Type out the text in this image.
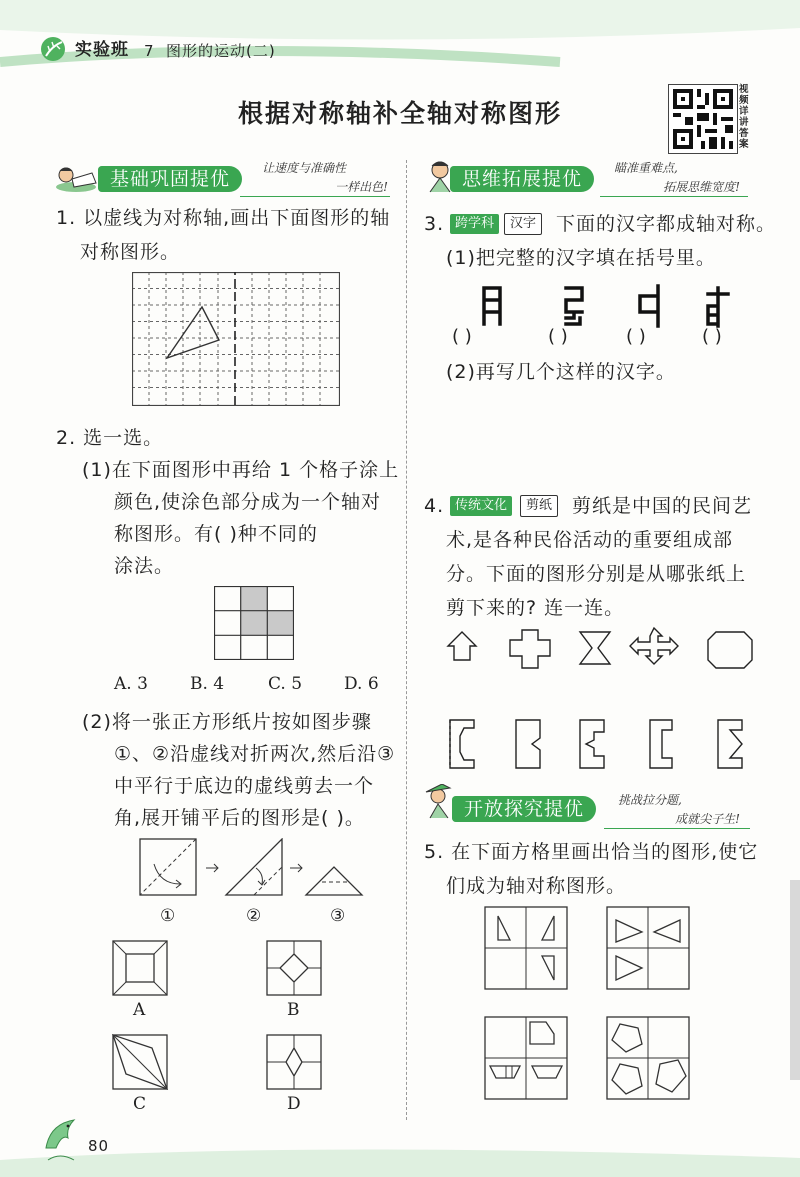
实验班 7 图形的运动(二)
根据对称轴补全轴对称图形
视频详讲答案
基础巩固提优	让速度与准确性
一样出色!
1. 以虚线为对称轴,画出下面图形的轴
对称图形。
2. 选一选。
(1)在下面图形中再给 1 个格子涂上
颜色,使涂色部分成为一个轴对
称图形。有( )种不同的
涂法。
A. 3 B. 4	C. 5 D. 6
(2)将一张正方形纸片按如图步骤
①、②沿虚线对折两次,然后沿③
中平行于底边的虚线剪去一个
角,展开铺平后的图形是( )。
①	②	③
A	B
C	D
80
思维拓展提优	瞄准重难点,
拓展思维宽度!
3. 跨学科	汉字	下面的汉字都成轴对称。
(1)把完整的汉字填在括号里。
( )	( )	( )	( )
(2)再写几个这样的汉字。
4. 传统文化	剪纸	剪纸是中国的民间艺
术,是各种民俗活动的重要组成部
分。下面的图形分别是从哪张纸上
剪下来的? 连一连。
开放探究提优	挑战拉分题,
成就尖子生!
5. 在下面方格里画出恰当的图形,使它
们成为轴对称图形。
